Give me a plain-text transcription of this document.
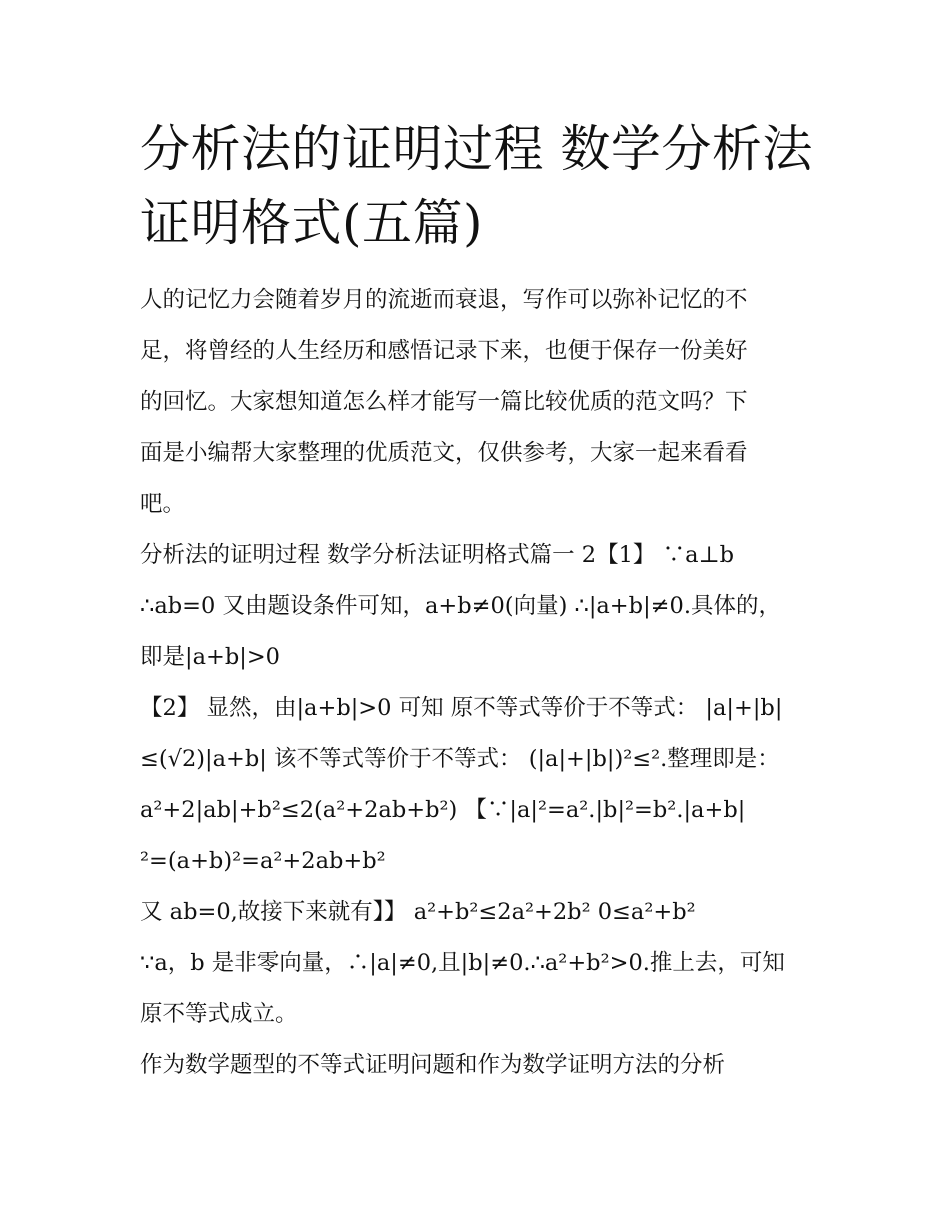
分析法的证明过程 数学分析法
证明格式(五篇)
人的记忆力会随着岁月的流逝而衰退，写作可以弥补记忆的不
足，将曾经的人生经历和感悟记录下来，也便于保存一份美好
的回忆。大家想知道怎么样才能写一篇比较优质的范文吗？下
面是小编帮大家整理的优质范文，仅供参考，大家一起来看看
吧。
分析法的证明过程 数学分析法证明格式篇一 2【1】 ∵a⊥b
∴ab=0 又由题设条件可知，a+b≠0(向量) ∴|a+b|≠0.具体的，
即是|a+b|>0
【2】 显然，由|a+b|>0 可知 原不等式等价于不等式： |a|+|b|
≤(√2)|a+b| 该不等式等价于不等式： (|a|+|b|)²≤².整理即是：
a²+2|ab|+b²≤2(a²+2ab+b²) 【∵|a|²=a².|b|²=b².|a+b|
²=(a+b)²=a²+2ab+b²
又 ab=0,故接下来就有】】 a²+b²≤2a²+2b² 0≤a²+b²
∵a，b 是非零向量，∴|a|≠0,且|b|≠0.∴a²+b²>0.推上去，可知
原不等式成立。
作为数学题型的不等式证明问题和作为数学证明方法的分析
